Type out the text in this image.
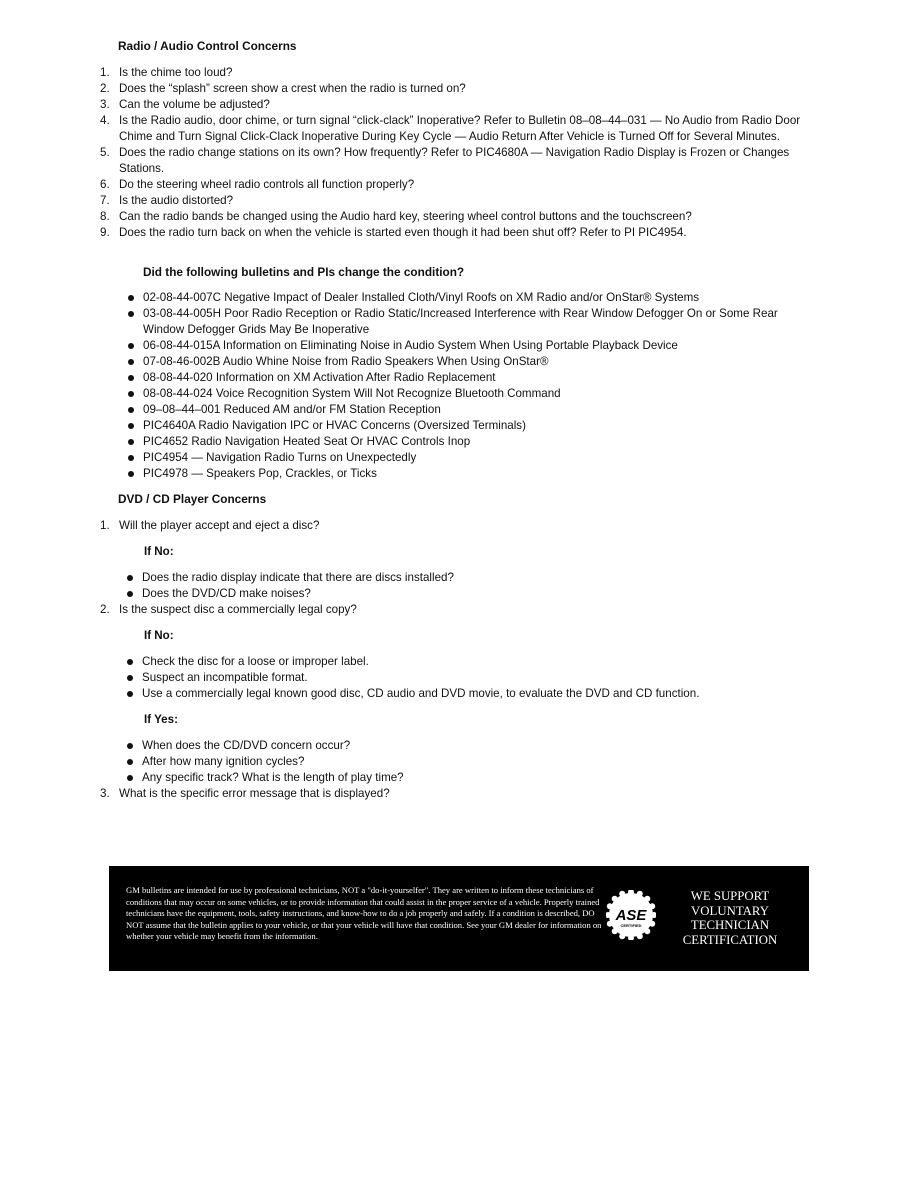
Radio / Audio Control Concerns
1. Is the chime too loud?
2. Does the “splash” screen show a crest when the radio is turned on?
3. Can the volume be adjusted?
4. Is the Radio audio, door chime, or turn signal “click-clack” Inoperative? Refer to Bulletin 08–08–44–031 — No Audio from Radio Door Chime and Turn Signal Click-Clack Inoperative During Key Cycle — Audio Return After Vehicle is Turned Off for Several Minutes.
5. Does the radio change stations on its own? How frequently? Refer to PIC4680A — Navigation Radio Display is Frozen or Changes Stations.
6. Do the steering wheel radio controls all function properly?
7. Is the audio distorted?
8. Can the radio bands be changed using the Audio hard key, steering wheel control buttons and the touchscreen?
9. Does the radio turn back on when the vehicle is started even though it had been shut off? Refer to PI PIC4954.
Did the following bulletins and PIs change the condition?
02-08-44-007C Negative Impact of Dealer Installed Cloth/Vinyl Roofs on XM Radio and/or OnStar® Systems
03-08-44-005H Poor Radio Reception or Radio Static/Increased Interference with Rear Window Defogger On or Some Rear Window Defogger Grids May Be Inoperative
06-08-44-015A Information on Eliminating Noise in Audio System When Using Portable Playback Device
07-08-46-002B Audio Whine Noise from Radio Speakers When Using OnStar®
08-08-44-020 Information on XM Activation After Radio Replacement
08-08-44-024 Voice Recognition System Will Not Recognize Bluetooth Command
09–08–44–001 Reduced AM and/or FM Station Reception
PIC4640A Radio Navigation IPC or HVAC Concerns (Oversized Terminals)
PIC4652 Radio Navigation Heated Seat Or HVAC Controls Inop
PIC4954 — Navigation Radio Turns on Unexpectedly
PIC4978 — Speakers Pop, Crackles, or Ticks
DVD / CD Player Concerns
1. Will the player accept and eject a disc?
If No:
Does the radio display indicate that there are discs installed?
Does the DVD/CD make noises?
2. Is the suspect disc a commercially legal copy?
If No:
Check the disc for a loose or improper label.
Suspect an incompatible format.
Use a commercially legal known good disc, CD audio and DVD movie, to evaluate the DVD and CD function.
If Yes:
When does the CD/DVD concern occur?
After how many ignition cycles?
Any specific track? What is the length of play time?
3. What is the specific error message that is displayed?
GM bulletins are intended for use by professional technicians, NOT a "do-it-yourselfer". They are written to inform these technicians of conditions that may occur on some vehicles, or to provide information that could assist in the proper service of a vehicle. Properly trained technicians have the equipment, tools, safety instructions, and know-how to do a job properly and safely. If a condition is described, DO NOT assume that the bulletin applies to your vehicle, or that your vehicle will have that condition. See your GM dealer for information on whether your vehicle may benefit from the information.
ASE
CERTIFIED
WE SUPPORT
VOLUNTARY
TECHNICIAN
CERTIFICATION
